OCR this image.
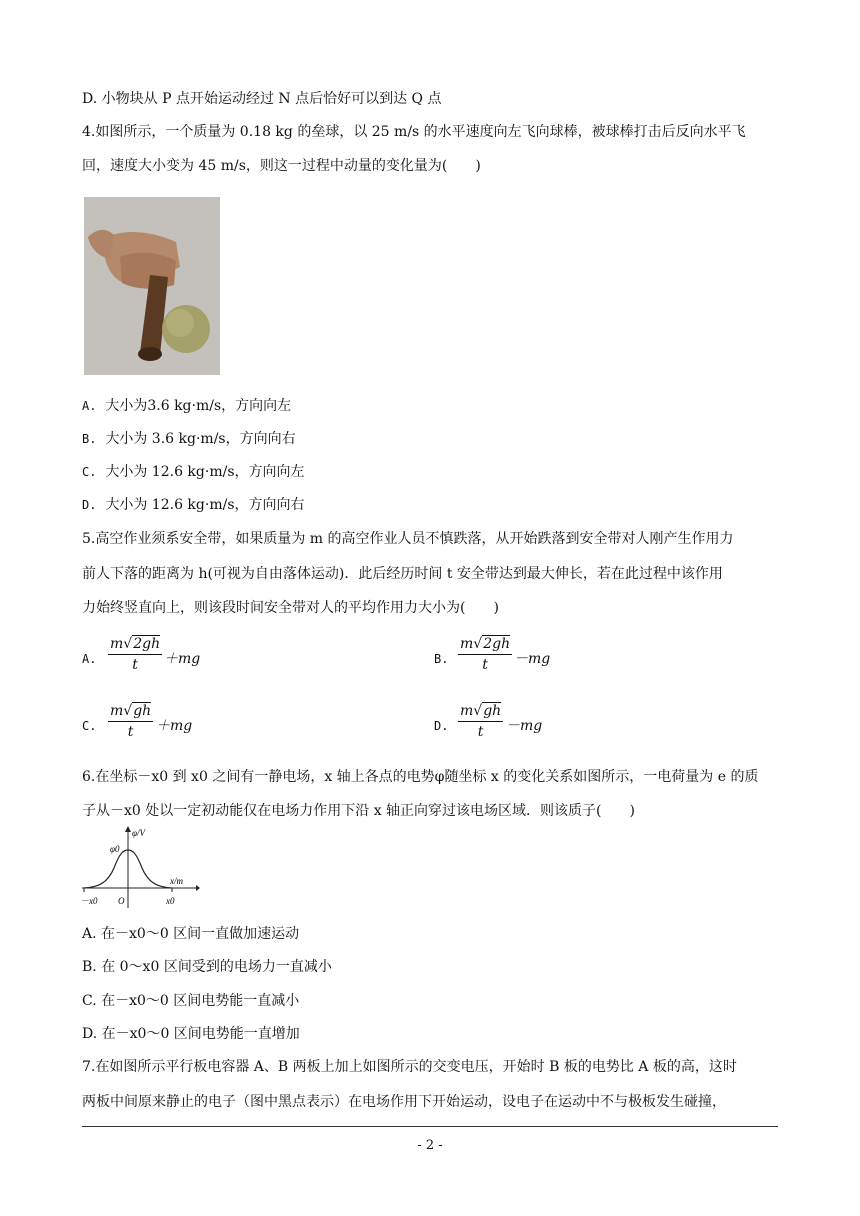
D. 小物块从 P 点开始运动经过 N 点后恰好可以到达 Q 点
4.如图所示，一个质量为 0.18 kg 的垒球，以 25 m/s 的水平速度向左飞向球棒，被球棒打击后反向水平飞
回，速度大小变为 45 m/s，则这一过程中动量的变化量为(　　)
A. 大小为3.6 kg·m/s，方向向左
B. 大小为 3.6 kg·m/s，方向向右
C. 大小为 12.6 kg·m/s，方向向左
D. 大小为 12.6 kg·m/s，方向向右
5.高空作业须系安全带，如果质量为 m 的高空作业人员不慎跌落，从开始跌落到安全带对人刚产生作用力
前人下落的距离为 h(可视为自由落体运动)．此后经历时间 t 安全带达到最大伸长，若在此过程中该作用
力始终竖直向上，则该段时间安全带对人的平均作用力大小为(　　)
A. $\frac{m√2gh}{t} +mg$	B. $\frac{m√2gh}{t} -mg$
C. $\frac{m√gh}{t} +mg$	D. $\frac{m√gh}{t} -mg$
6.在坐标－x0 到 x0 之间有一静电场，x 轴上各点的电势φ随坐标 x 的变化关系如图所示，一电荷量为 e 的质
子从－x0 处以一定初动能仅在电场力作用下沿 x 轴正向穿过该电场区域．则该质子(　　)
φ/V
φ0
x/m
－x0 O	x0
A. 在－x0～0 区间一直做加速运动
B. 在 0～x0 区间受到的电场力一直减小
C. 在－x0～0 区间电势能一直减小
D. 在－x0～0 区间电势能一直增加
7.在如图所示平行板电容器 A、B 两板上加上如图所示的交变电压，开始时 B 板的电势比 A 板的高，这时
两板中间原来静止的电子（图中黑点表示）在电场作用下开始运动，设电子在运动中不与极板发生碰撞，
- 2 -
